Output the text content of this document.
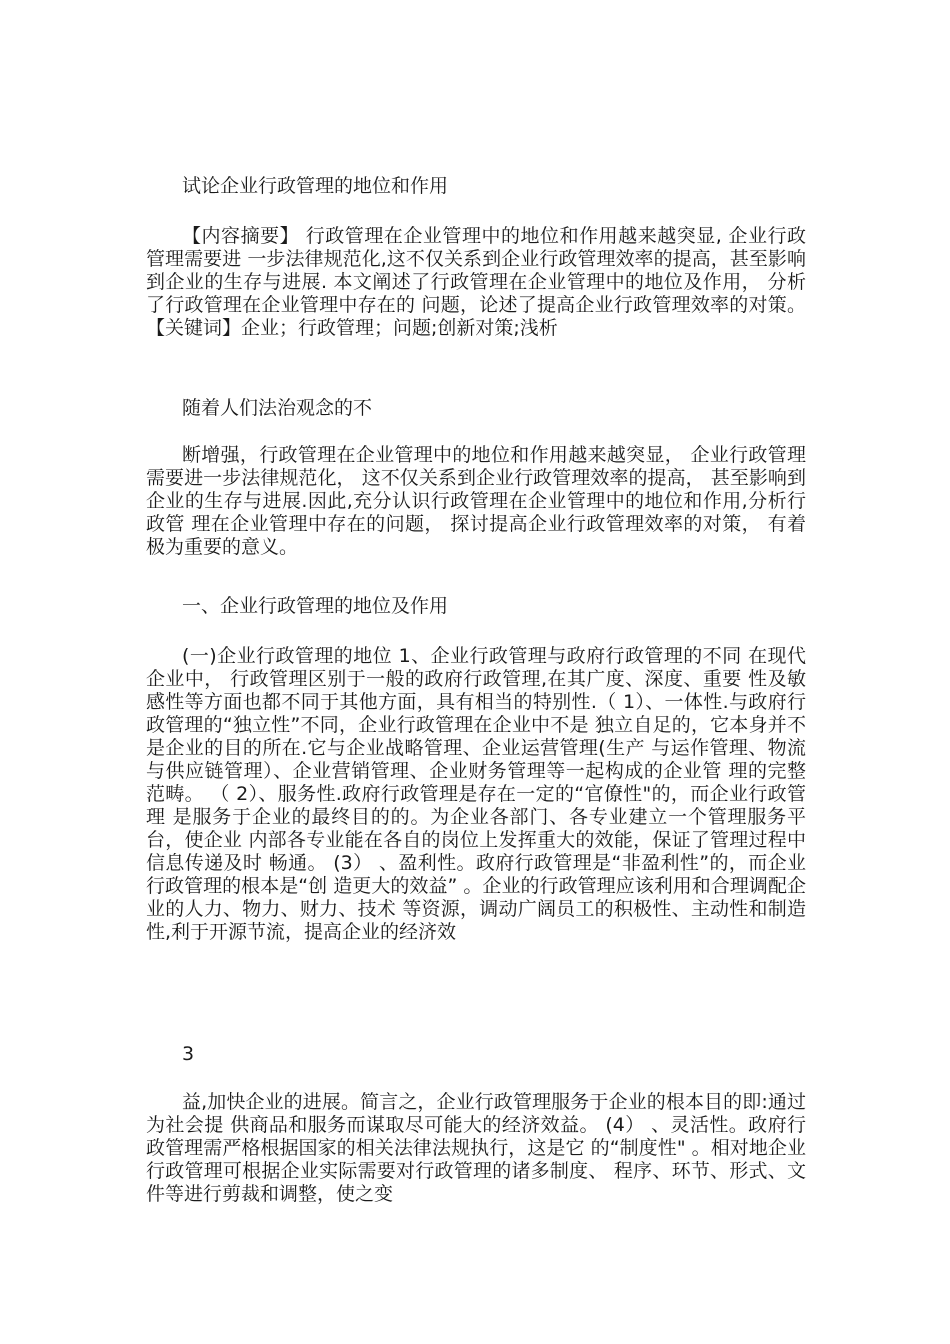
试论企业行政管理的地位和作用

【内容摘要】 行政管理在企业管理中的地位和作用越来越突显, 企业行政管理需要进 一步法律规范化,这不仅关系到企业行政管理效率的提高，甚至影响到企业的生存与进展. 本文阐述了行政管理在企业管理中的地位及作用， 分析了行政管理在企业管理中存在的 问题，论述了提高企业行政管理效率的对策。 【关键词】企业；行政管理；问题;创新对策;浅析

随着人们法治观念的不

断增强，行政管理在企业管理中的地位和作用越来越突显， 企业行政管理需要进一步法律规范化， 这不仅关系到企业行政管理效率的提高， 甚至影响到 企业的生存与进展.因此,充分认识行政管理在企业管理中的地位和作用,分析行政管 理在企业管理中存在的问题， 探讨提高企业行政管理效率的对策， 有着极为重要的意义。

一、企业行政管理的地位及作用

(一)企业行政管理的地位 1、企业行政管理与政府行政管理的不同 在现代企业中， 行政管理区别于一般的政府行政管理,在其广度、深度、重要 性及敏感性等方面也都不同于其他方面，具有相当的特别性.（ 1）、一体性.与政府行政管理的“独立性”不同，企业行政管理在企业中不是 独立自足的，它本身并不是企业的目的所在.它与企业战略管理、企业运营管理(生产 与运作管理、物流与供应链管理）、企业营销管理、企业财务管理等一起构成的企业管 理的完整范畴。 （ 2）、服务性.政府行政管理是存在一定的“官僚性"的，而企业行政管理 是服务于企业的最终目的的。为企业各部门、各专业建立一个管理服务平台，使企业 内部各专业能在各自的岗位上发挥重大的效能，保证了管理过程中信息传递及时 畅通。 (3） 、盈利性。政府行政管理是“非盈利性”的，而企业行政管理的根本是“创 造更大的效益” 。企业的行政管理应该利用和合理调配企业的人力、物力、财力、技术 等资源，调动广阔员工的积极性、主动性和制造性,利于开源节流，提高企业的经济效

3

益,加快企业的进展。简言之，企业行政管理服务于企业的根本目的即:通过为社会提 供商品和服务而谋取尽可能大的经济效益。 (4） 、灵活性。政府行政管理需严格根据国家的相关法律法规执行，这是它 的“制度性" 。相对地企业行政管理可根据企业实际需要对行政管理的诸多制度、 程序、环节、形式、文件等进行剪裁和调整，使之变
